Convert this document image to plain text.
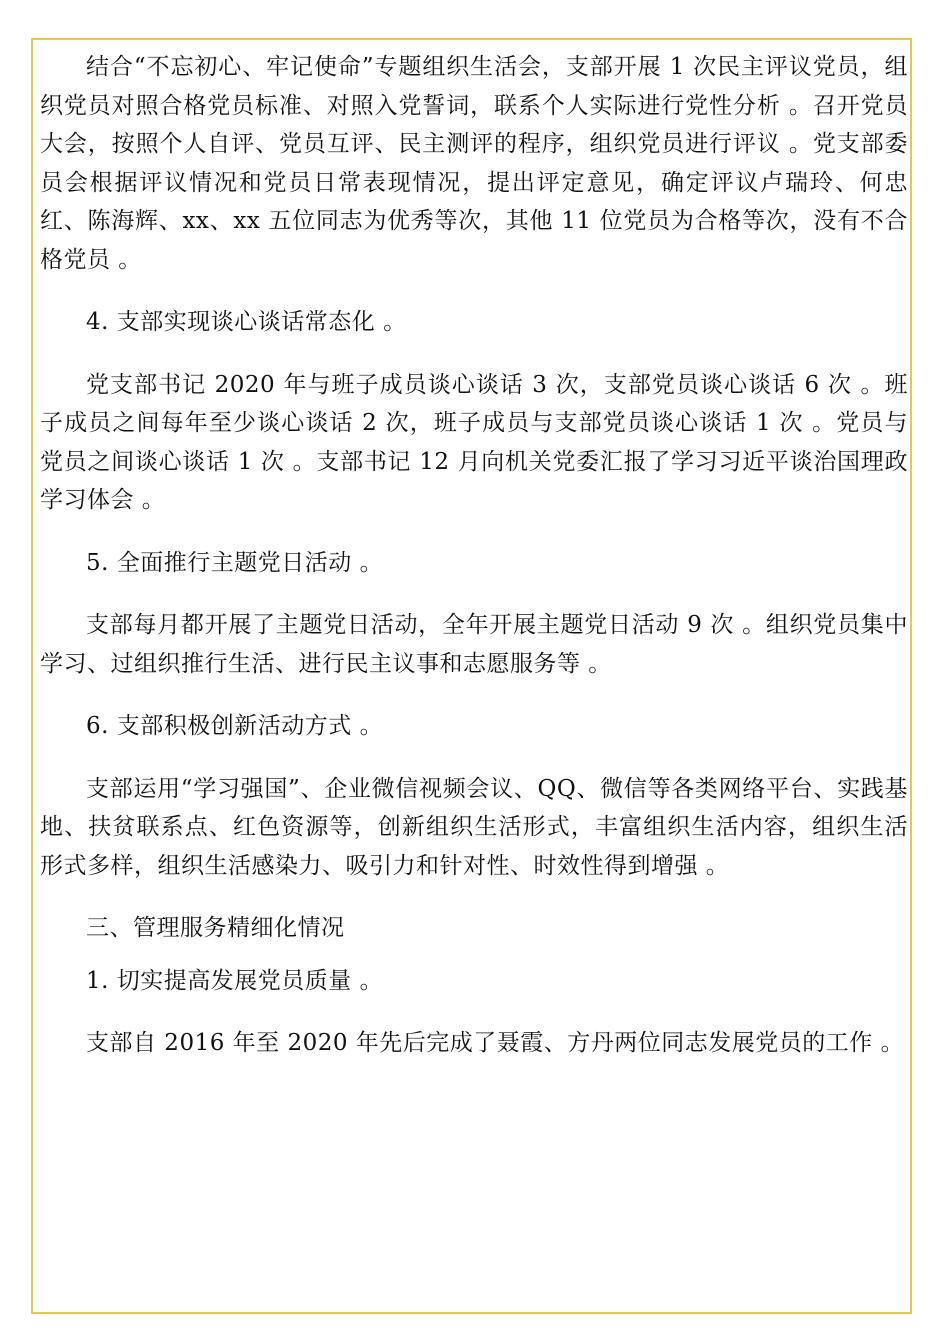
结合“不忘初心、牢记使命”专题组织生活会，支部开展 1 次民主评议党员，组织党员对照合格党员标准、对照入党誓词，联系个人实际进行党性分析 。召开党员大会，按照个人自评、党员互评、民主测评的程序，组织党员进行评议 。党支部委员会根据评议情况和党员日常表现情况，提出评定意见，确定评议卢瑞玲、何忠红、陈海辉、xx、xx 五位同志为优秀等次，其他 11 位党员为合格等次，没有不合格党员 。

4. 支部实现谈心谈话常态化 。

党支部书记 2020 年与班子成员谈心谈话 3 次，支部党员谈心谈话 6 次 。班子成员之间每年至少谈心谈话 2 次，班子成员与支部党员谈心谈话 1 次 。党员与党员之间谈心谈话 1 次 。支部书记 12 月向机关党委汇报了学习习近平谈治国理政学习体会 。

5. 全面推行主题党日活动 。

支部每月都开展了主题党日活动，全年开展主题党日活动 9 次 。组织党员集中学习、过组织推行生活、进行民主议事和志愿服务等 。

6. 支部积极创新活动方式 。

支部运用“学习强国”、企业微信视频会议、QQ、微信等各类网络平台、实践基地、扶贫联系点、红色资源等，创新组织生活形式，丰富组织生活内容，组织生活形式多样，组织生活感染力、吸引力和针对性、时效性得到增强 。

三、管理服务精细化情况

1. 切实提高发展党员质量 。

支部自 2016 年至 2020 年先后完成了聂霞、方丹两位同志发展党员的工作 。
